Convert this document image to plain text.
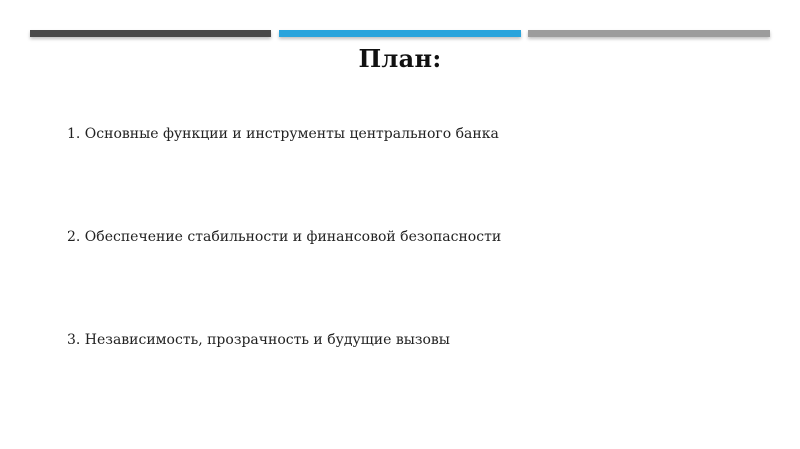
План:
1. Основные функции и инструменты центрального банка
2. Обеспечение стабильности и финансовой безопасности
3. Независимость, прозрачность и будущие вызовы
